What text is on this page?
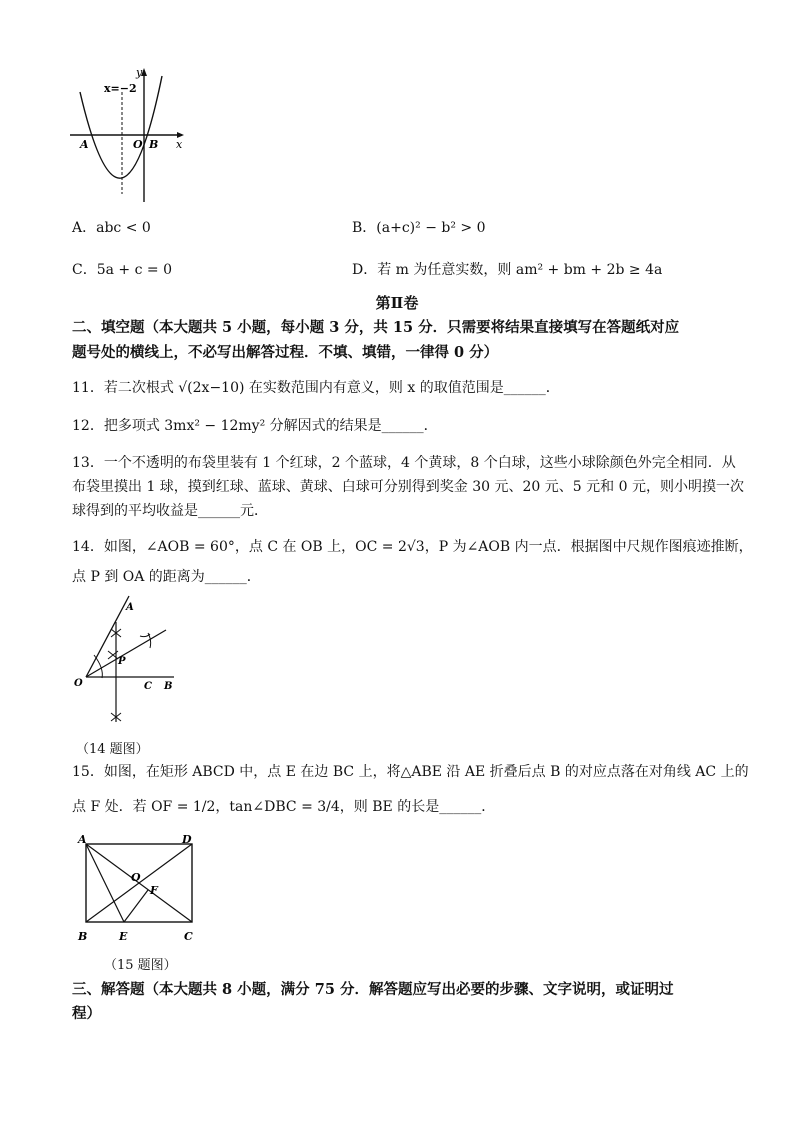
y
x
x=−2
A	O B
A．abc < 0	B．(a+c)² − b² > 0
C．5a + c = 0	D．若 m 为任意实数，则 am² + bm + 2b ≥ 4a
第Ⅱ卷
二、填空题（本大题共 5 小题，每小题 3 分，共 15 分．只需要将结果直接填写在答题纸对应
题号处的横线上，不必写出解答过程．不填、填错，一律得 0 分）
11．若二次根式 √(2x−10) 在实数范围内有意义，则 x 的取值范围是______．
12．把多项式 3mx² − 12my² 分解因式的结果是______．
13．一个不透明的布袋里装有 1 个红球，2 个蓝球，4 个黄球，8 个白球，这些小球除颜色外完全相同．从
布袋里摸出 1 球，摸到红球、蓝球、黄球、白球可分别得到奖金 30 元、20 元、5 元和 0 元，则小明摸一次
球得到的平均收益是______元．
14．如图，∠AOB = 60°，点 C 在 OB 上，OC = 2√3，P 为∠AOB 内一点．根据图中尺规作图痕迹推断，
点 P 到 OA 的距离为______．
A
O
P
C B
（14 题图）
15．如图，在矩形 ABCD 中，点 E 在边 BC 上，将△ABE 沿 AE 折叠后点 B 的对应点落在对角线 AC 上的
点 F 处．若 OF = 1/2，tan∠DBC = 3/4，则 BE 的长是______．
A	D
O
F
B	E	C
（15 题图）
三、解答题（本大题共 8 小题，满分 75 分．解答题应写出必要的步骤、文字说明，或证明过
程）
